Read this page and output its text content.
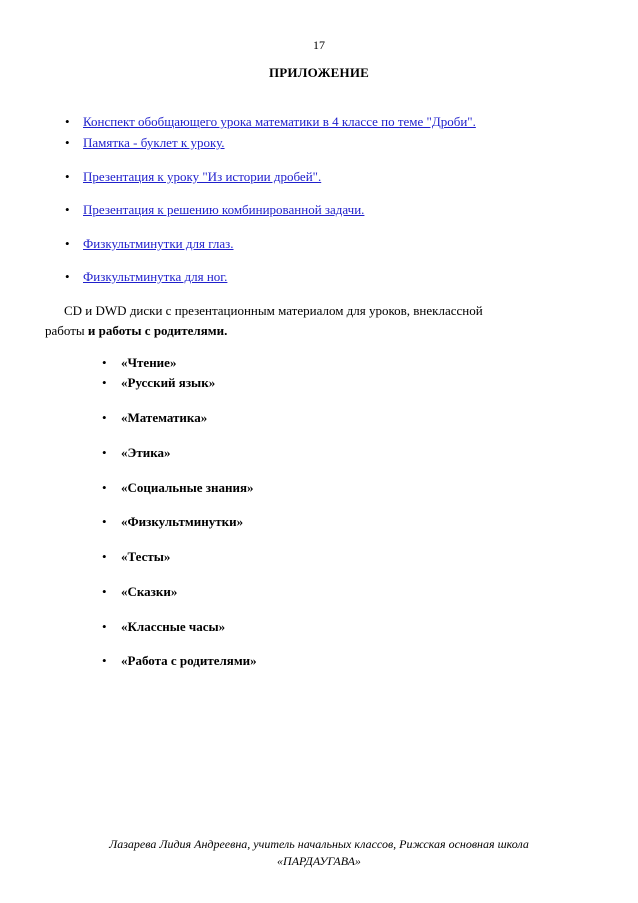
17
ПРИЛОЖЕНИЕ
• Конспект обобщающего урока математики в 4 классе по теме "Дроби".
• Памятка - буклет к уроку.
• Презентация к уроку "Из истории дробей".
• Презентация к решению комбинированной задачи.
• Физкультминутки для глаз.
• Физкультминутка для ног.
CD и DWD диски с презентационным материалом для уроков, внеклассной
работы и работы с родителями.
• «Чтение»
• «Русский язык»
• «Математика»
• «Этика»
• «Социальные знания»
• «Физкультминутки»
• «Тесты»
• «Сказки»
• «Классные часы»
• «Работа с родителями»
Лазарева Лидия Андреевна, учитель начальных классов, Рижская основная школа
«ПАРДАУГАВА»
